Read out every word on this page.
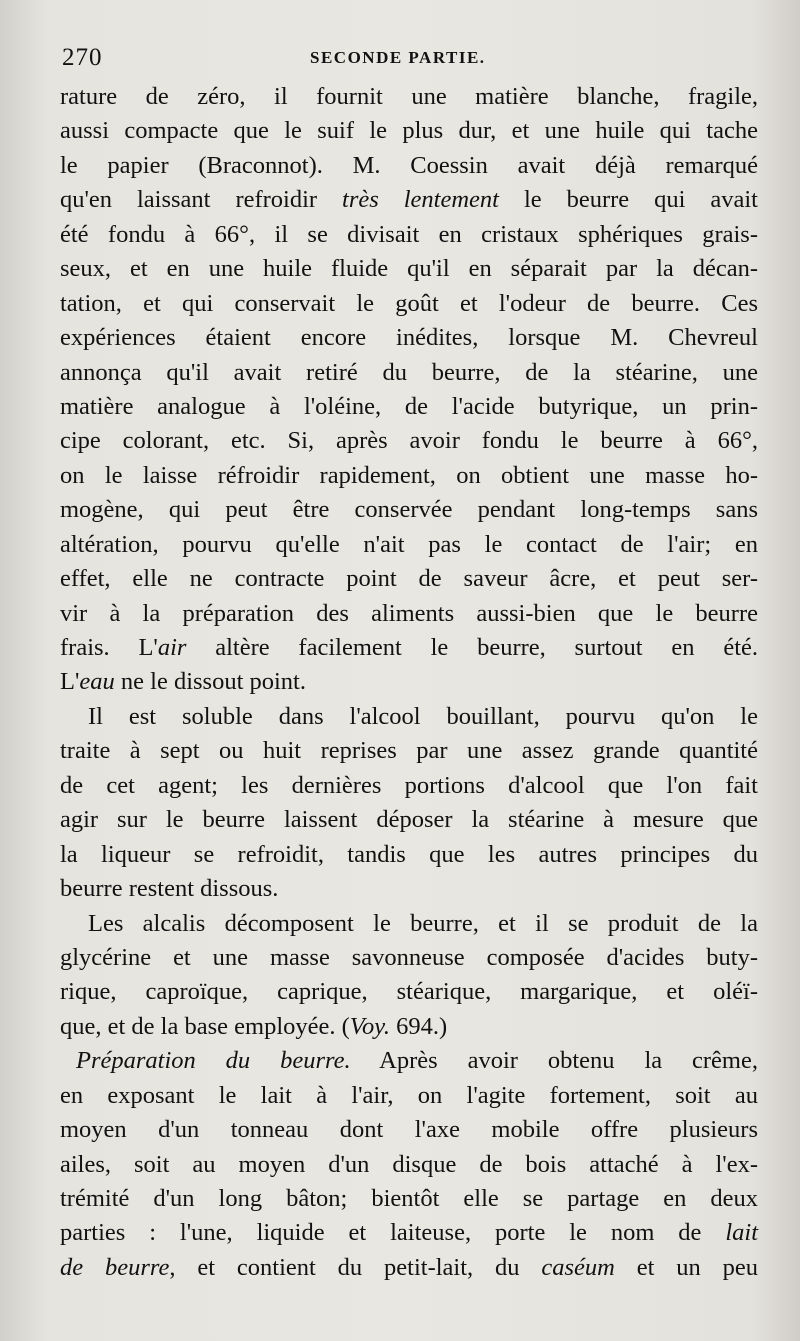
270	SECONDE PARTIE.
rature de zéro, il fournit une matière blanche, fragile,
aussi compacte que le suif le plus dur, et une huile qui tache
le papier (Braconnot). M. Coessin avait déjà remarqué
qu'en laissant refroidir très lentement le beurre qui avait
été fondu à 66°, il se divisait en cristaux sphériques grais-
seux, et en une huile fluide qu'il en séparait par la décan-
tation, et qui conservait le goût et l'odeur de beurre. Ces
expériences étaient encore inédites, lorsque M. Chevreul
annonça qu'il avait retiré du beurre, de la stéarine, une
matière analogue à l'oléine, de l'acide butyrique, un prin-
cipe colorant, etc. Si, après avoir fondu le beurre à 66°,
on le laisse réfroidir rapidement, on obtient une masse ho-
mogène, qui peut être conservée pendant long-temps sans
altération, pourvu qu'elle n'ait pas le contact de l'air; en
effet, elle ne contracte point de saveur âcre, et peut ser-
vir à la préparation des aliments aussi-bien que le beurre
frais. L'air altère facilement le beurre, surtout en été.
L'eau ne le dissout point.
Il est soluble dans l'alcool bouillant, pourvu qu'on le
traite à sept ou huit reprises par une assez grande quantité
de cet agent; les dernières portions d'alcool que l'on fait
agir sur le beurre laissent déposer la stéarine à mesure que
la liqueur se refroidit, tandis que les autres principes du
beurre restent dissous.
Les alcalis décomposent le beurre, et il se produit de la
glycérine et une masse savonneuse composée d'acides buty-
rique, caproïque, caprique, stéarique, margarique, et oléï-
que, et de la base employée. (Voy. 694.)
Préparation du beurre. Après avoir obtenu la crême,
en exposant le lait à l'air, on l'agite fortement, soit au
moyen d'un tonneau dont l'axe mobile offre plusieurs
ailes, soit au moyen d'un disque de bois attaché à l'ex-
trémité d'un long bâton; bientôt elle se partage en deux
parties : l'une, liquide et laiteuse, porte le nom de lait
de beurre, et contient du petit-lait, du caséum et un peu
